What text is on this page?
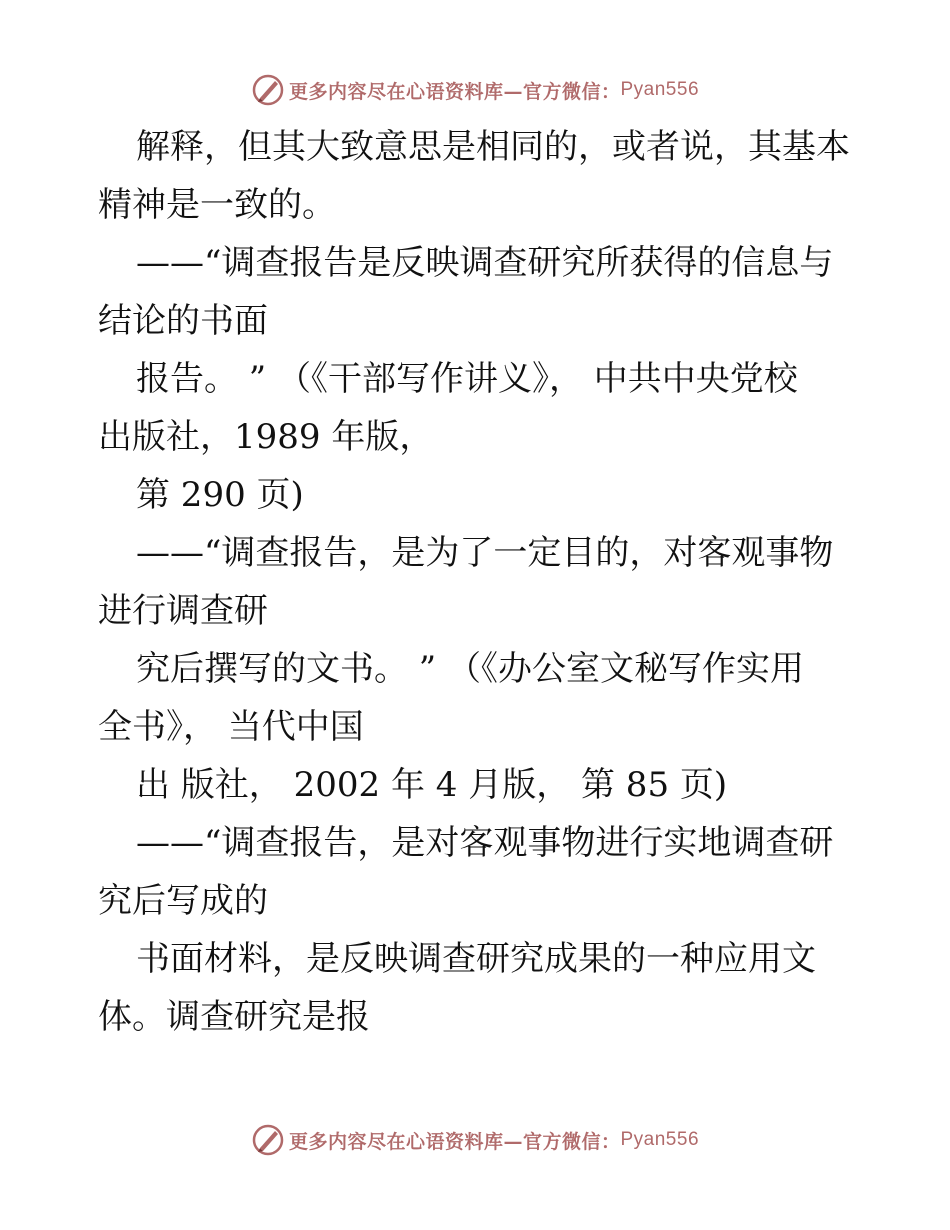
更多内容尽在心语资料库—官方微信： Pyan556
解释，但其大致意思是相同的，或者说，其基本
精神是一致的。
——“调查报告是反映调查研究所获得的信息与
结论的书面
报告。 ” （《干部写作讲义》， 中共中央党校
出版社，1989 年版，
第 290 页)
——“调查报告，是为了一定目的，对客观事物
进行调查研
究后撰写的文书。 ” （《办公室文秘写作实用
全书》， 当代中国
出 版社， 2002 年 4 月版， 第 85 页)
——“调查报告，是对客观事物进行实地调查研
究后写成的
书面材料，是反映调查研究成果的一种应用文
体。调查研究是报
更多内容尽在心语资料库—官方微信： Pyan556
